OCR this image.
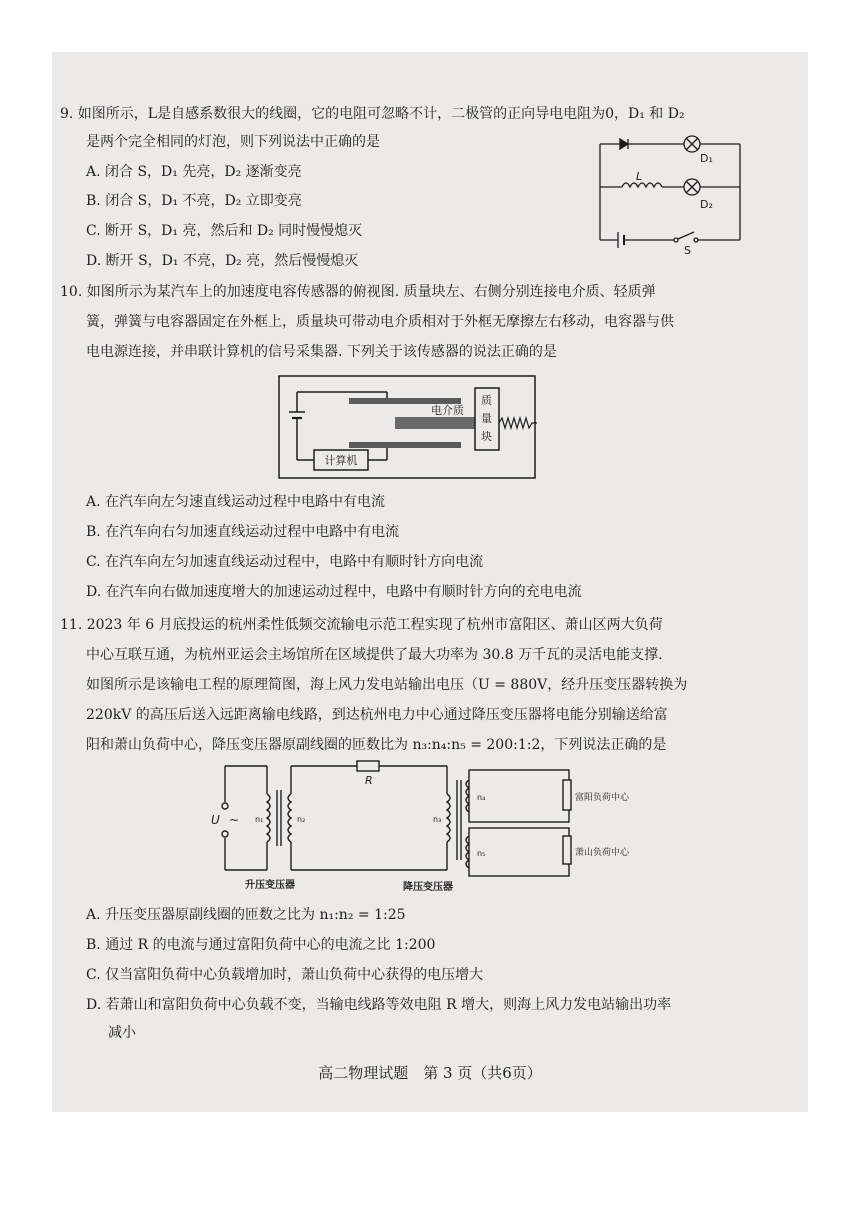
9. 如图所示，L是自感系数很大的线圈，它的电阻可忽略不计，二极管的正向导电电阻为0，D₁ 和 D₂
是两个完全相同的灯泡，则下列说法中正确的是
A. 闭合 S，D₁ 先亮，D₂ 逐渐变亮
B. 闭合 S，D₁ 不亮，D₂ 立即变亮
C. 断开 S，D₁ 亮，然后和 D₂ 同时慢慢熄灭
D. 断开 S，D₁ 不亮，D₂ 亮，然后慢慢熄灭
D₁
L
D₂
S
10. 如图所示为某汽车上的加速度电容传感器的俯视图. 质量块左、右侧分别连接电介质、轻质弹
簧，弹簧与电容器固定在外框上，质量块可带动电介质相对于外框无摩擦左右移动，电容器与供
电电源连接，并串联计算机的信号采集器. 下列关于该传感器的说法正确的是
电介质
质
量
块
计算机
A. 在汽车向左匀速直线运动过程中电路中有电流
B. 在汽车向右匀加速直线运动过程中电路中有电流
C. 在汽车向左匀加速直线运动过程中，电路中有顺时针方向电流
D. 在汽车向右做加速度增大的加速运动过程中，电路中有顺时针方向的充电电流
11. 2023 年 6 月底投运的杭州柔性低频交流输电示范工程实现了杭州市富阳区、萧山区两大负荷
中心互联互通，为杭州亚运会主场馆所在区域提供了最大功率为 30.8 万千瓦的灵活电能支撑.
如图所示是该输电工程的原理简图，海上风力发电站输出电压（U = 880V，经升压变压器转换为
220kV 的高压后送入远距离输电线路，到达杭州电力中心通过降压变压器将电能分别输送给富
阳和萧山负荷中心，降压变压器原副线圈的匝数比为 n₃:n₄:n₅ = 200:1:2，下列说法正确的是
U ~ n₁	n₂
R
n₃
n₄
n₅
富阳负荷中心
萧山负荷中心
升压变压器	降压变压器
A. 升压变压器原副线圈的匝数之比为 n₁:n₂ = 1:25
B. 通过 R 的电流与通过富阳负荷中心的电流之比 1:200
C. 仅当富阳负荷中心负载增加时，萧山负荷中心获得的电压增大
D. 若萧山和富阳负荷中心负载不变，当输电线路等效电阻 R 增大，则海上风力发电站输出功率
减小
高二物理试题　第 3 页（共6页）
